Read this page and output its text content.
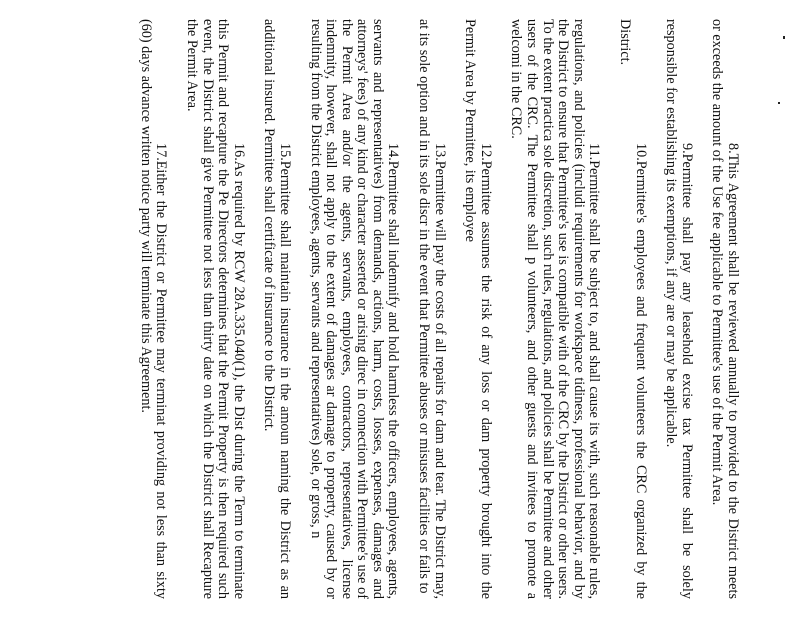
8.This Agreement shall be reviewed annually to provided to the District meets or exceeds the amount of the Use fee applicable to Permittee's use of the Permit Area.
9.Permittee shall pay any leasehold excise tax Permittee shall be solely responsible for establishing its exemptions, if any are or may be applicable.
10.Permittee's employees and frequent volunteers the CRC organized by the District.
11.Permittee shall be subject to, and shall cause its with, such reasonable rules, regulations, and policies (includi requirements for workspace tidiness, professional behavior, and by the District to ensure that Permittee's use is compatible with of the CRC by the District or other users. To the extent practica sole discretion, such rules, regulations, and policies shall be Permittee and other users of the CRC. The Permittee shall p volunteers, and other guests and invitees to promote a welcomi in the CRC.
12.Permittee assumes the risk of any loss or dam property brought into the Permit Area by Permittee, its employee
13.Permittee will pay the costs of all repairs for dam and tear. The District may, at its sole option and in its sole discr in the event that Permittee abuses or misuses facilities or fails to
14.Permittee shall indemnify and hold harmless the officers, employees, agents, servants and representatives) from demands, actions, harm, costs, losses, expenses, damages and attorneys' fees) of any kind or character asserted or arising direc in connection with Permittee's use of the Permit Area and/or the agents, servants, employees, contractors, representatives, license indemnity, however, shall not apply to the extent of damages ar damage to property, caused by or resulting from the District employees, agents, servants and representatives) sole, or gross, n
15.Permittee shall maintain insurance in the amoun naming the District as an additional insured. Permittee shall certificate of insurance to the District.
16.As required by RCW 28A.335.040(1), the Dist during the Term to terminate this Permit and recapture the Pe Directors determines that the Permit Property is then required such event, the District shall give Permittee not less than thirty date on which the District shall Recapture the Permit Area.
17.Either the District or Permittee may terminat providing not less than sixty (60) days advance written notice party will terminate this Agreement.
